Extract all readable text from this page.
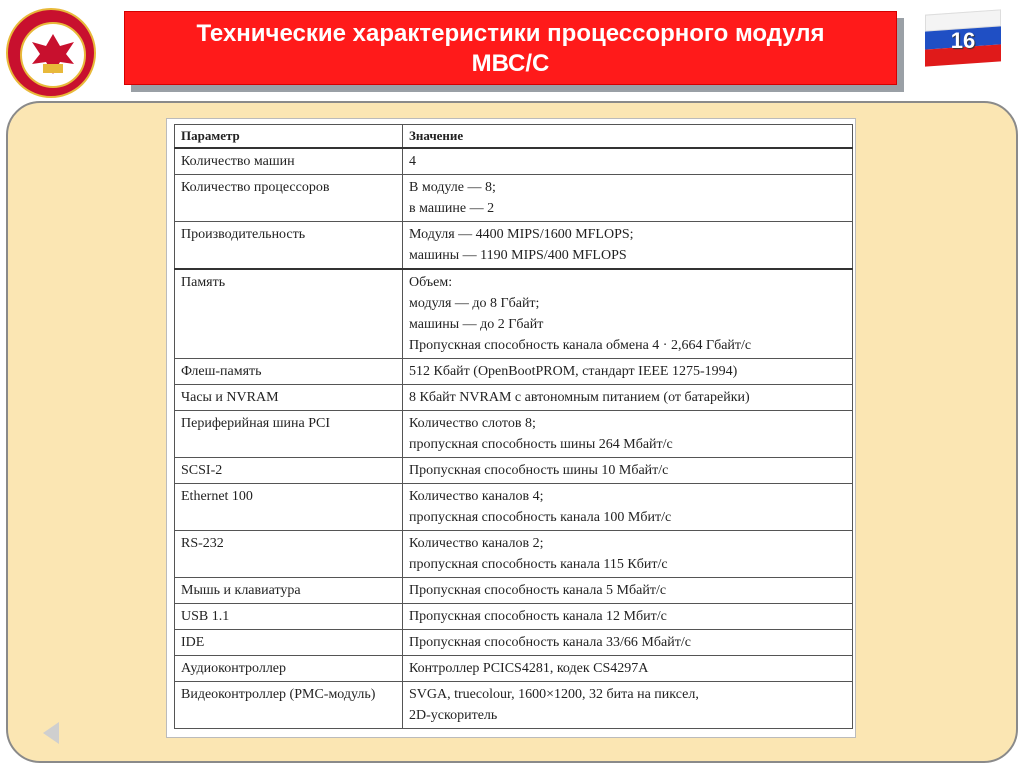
Технические характеристики процессорного модуля
МВС/С
16
Параметр	Значение
Количество машин	4

Количество процессоров	В модуле — 8;
в машине — 2

Производительность	Модуля — 4400 MIPS/1600 MFLOPS;
машины — 1190 MIPS/400 MFLOPS

Память	Объем:
модуля — до 8 Гбайт;
машины — до 2 Гбайт
Пропускная способность канала обмена 4 · 2,664 Гбайт/с

Флеш-память	512 Кбайт (OpenBootPROM, стандарт IEEE 1275-1994)

Часы и NVRAM	8 Кбайт NVRAM с автономным питанием (от батарейки)

Периферийная шина PCI	Количество слотов 8;
пропускная способность шины 264 Мбайт/с

SCSI-2	Пропускная способность шины 10 Мбайт/с

Ethernet 100	Количество каналов 4;
пропускная способность канала 100 Мбит/с

RS-232	Количество каналов 2;
пропускная способность канала 115 Кбит/с

Мышь и клавиатура	Пропускная способность канала 5 Мбайт/с

USB 1.1	Пропускная способность канала 12 Мбит/с

IDE	Пропускная способность канала 33/66 Мбайт/с

Аудиоконтроллер	Контроллер PCICS4281, кодек CS4297A

Видеоконтроллер (PMC-модуль)	SVGA, truecolour, 1600×1200, 32 бита на пиксел,
2D-ускоритель
